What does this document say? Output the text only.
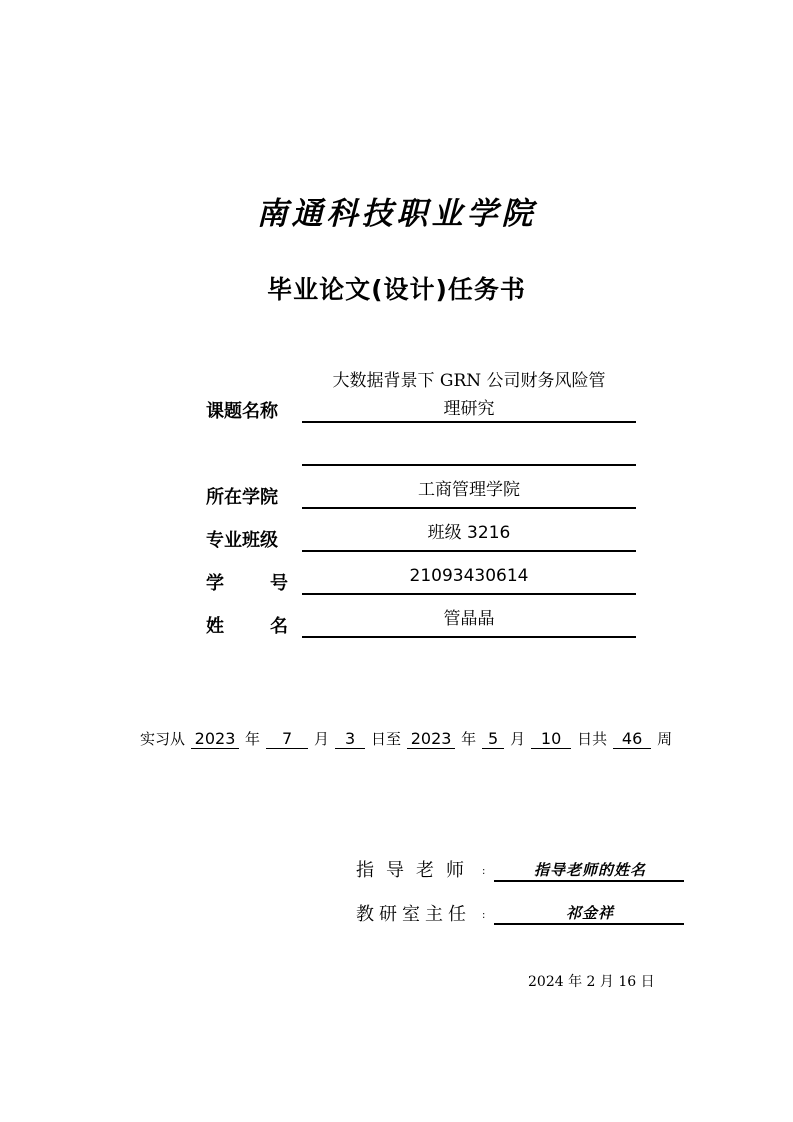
南通科技职业学院
毕业论文(设计)任务书
大数据背景下 GRN 公司财务风险管
课题名称	理研究
所在学院	工商管理学院
专业班级	班级 3216
学	号	21093430614
姓	名	管晶晶
实习从 2023 年	7	月 3	日至 2023 年 5 月 10	日共 46 周
指导老师 :	指导老师的姓名
教研室主任 :	祁金祥
2024 年 2 月 16 日
